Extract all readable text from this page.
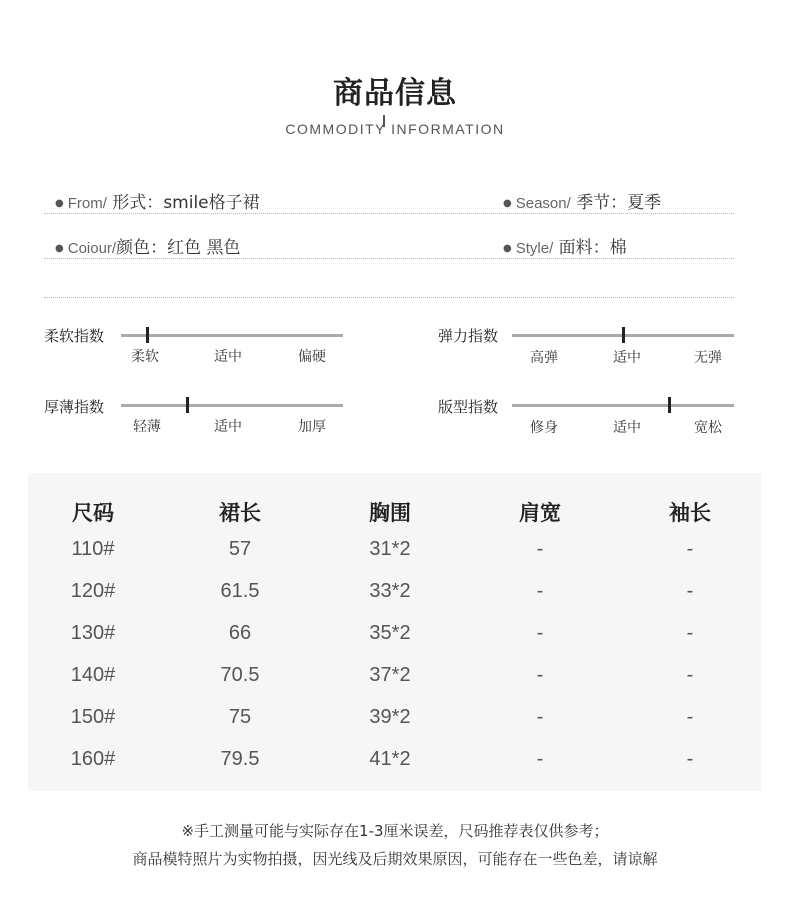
商品信息
COMMODITY INFORMATION
● From/ 形式：smile格子裙	● Season/ 季节：夏季
● Coiour/颜色：红色 黑色	● Style/ 面料：棉
柔软指数
柔软	适中	偏硬
弹力指数
高弹	适中	无弹
厚薄指数
轻薄	适中	加厚
版型指数
修身	适中	宽松
尺码	裙长	胸围	肩宽	袖长
110#	57	31*2	-	-
120#	61.5	33*2	-	-
130#	66	35*2	-	-
140#	70.5	37*2	-	-
150#	75	39*2	-	-
160#	79.5	41*2	-	-
※手工测量可能与实际存在1-3厘米误差，尺码推荐表仅供参考；
商品模特照片为实物拍摄，因光线及后期效果原因，可能存在一些色差，请谅解
